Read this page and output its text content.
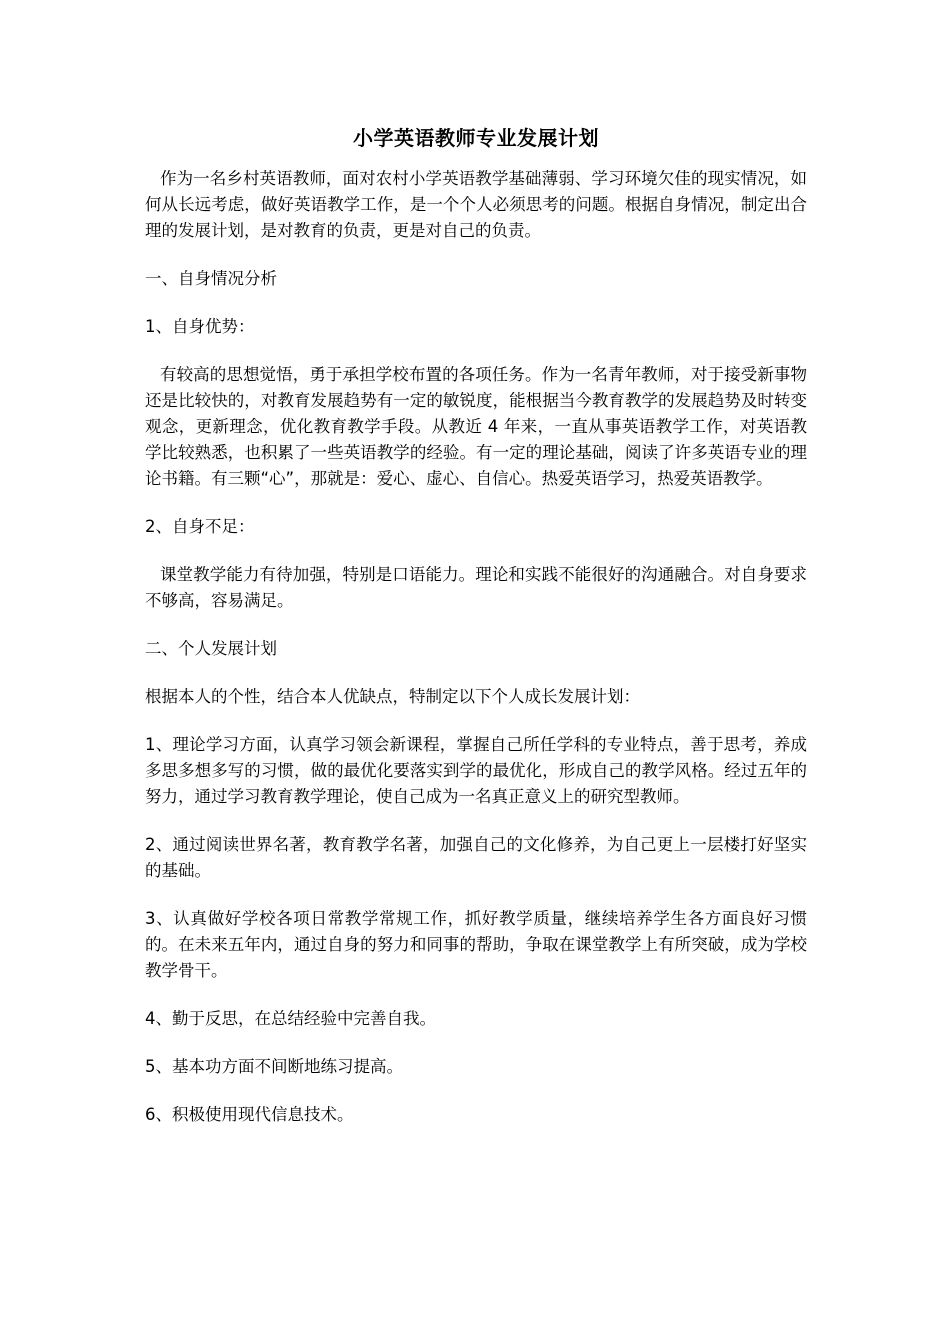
小学英语教师专业发展计划

作为一名乡村英语教师，面对农村小学英语教学基础薄弱、学习环境欠佳的现实情况，如何从长远考虑，做好英语教学工作，是一个个人必须思考的问题。根据自身情况，制定出合理的发展计划，是对教育的负责，更是对自己的负责。

一、自身情况分析

1、自身优势：

有较高的思想觉悟，勇于承担学校布置的各项任务。作为一名青年教师，对于接受新事物还是比较快的，对教育发展趋势有一定的敏锐度，能根据当今教育教学的发展趋势及时转变观念，更新理念，优化教育教学手段。从教近 4 年来，一直从事英语教学工作，对英语教学比较熟悉，也积累了一些英语教学的经验。有一定的理论基础，阅读了许多英语专业的理论书籍。有三颗“心”，那就是：爱心、虚心、自信心。热爱英语学习，热爱英语教学。

2、自身不足：

课堂教学能力有待加强，特别是口语能力。理论和实践不能很好的沟通融合。对自身要求不够高，容易满足。

二、个人发展计划

根据本人的个性，结合本人优缺点，特制定以下个人成长发展计划：

1、理论学习方面，认真学习领会新课程，掌握自己所任学科的专业特点，善于思考，养成多思多想多写的习惯，做的最优化要落实到学的最优化，形成自己的教学风格。经过五年的努力，通过学习教育教学理论，使自己成为一名真正意义上的研究型教师。

2、通过阅读世界名著，教育教学名著，加强自己的文化修养，为自己更上一层楼打好坚实的基础。

3、认真做好学校各项日常教学常规工作，抓好教学质量，继续培养学生各方面良好习惯的。在未来五年内，通过自身的努力和同事的帮助，争取在课堂教学上有所突破，成为学校教学骨干。

4、勤于反思，在总结经验中完善自我。

5、基本功方面不间断地练习提高。

6、积极使用现代信息技术。
